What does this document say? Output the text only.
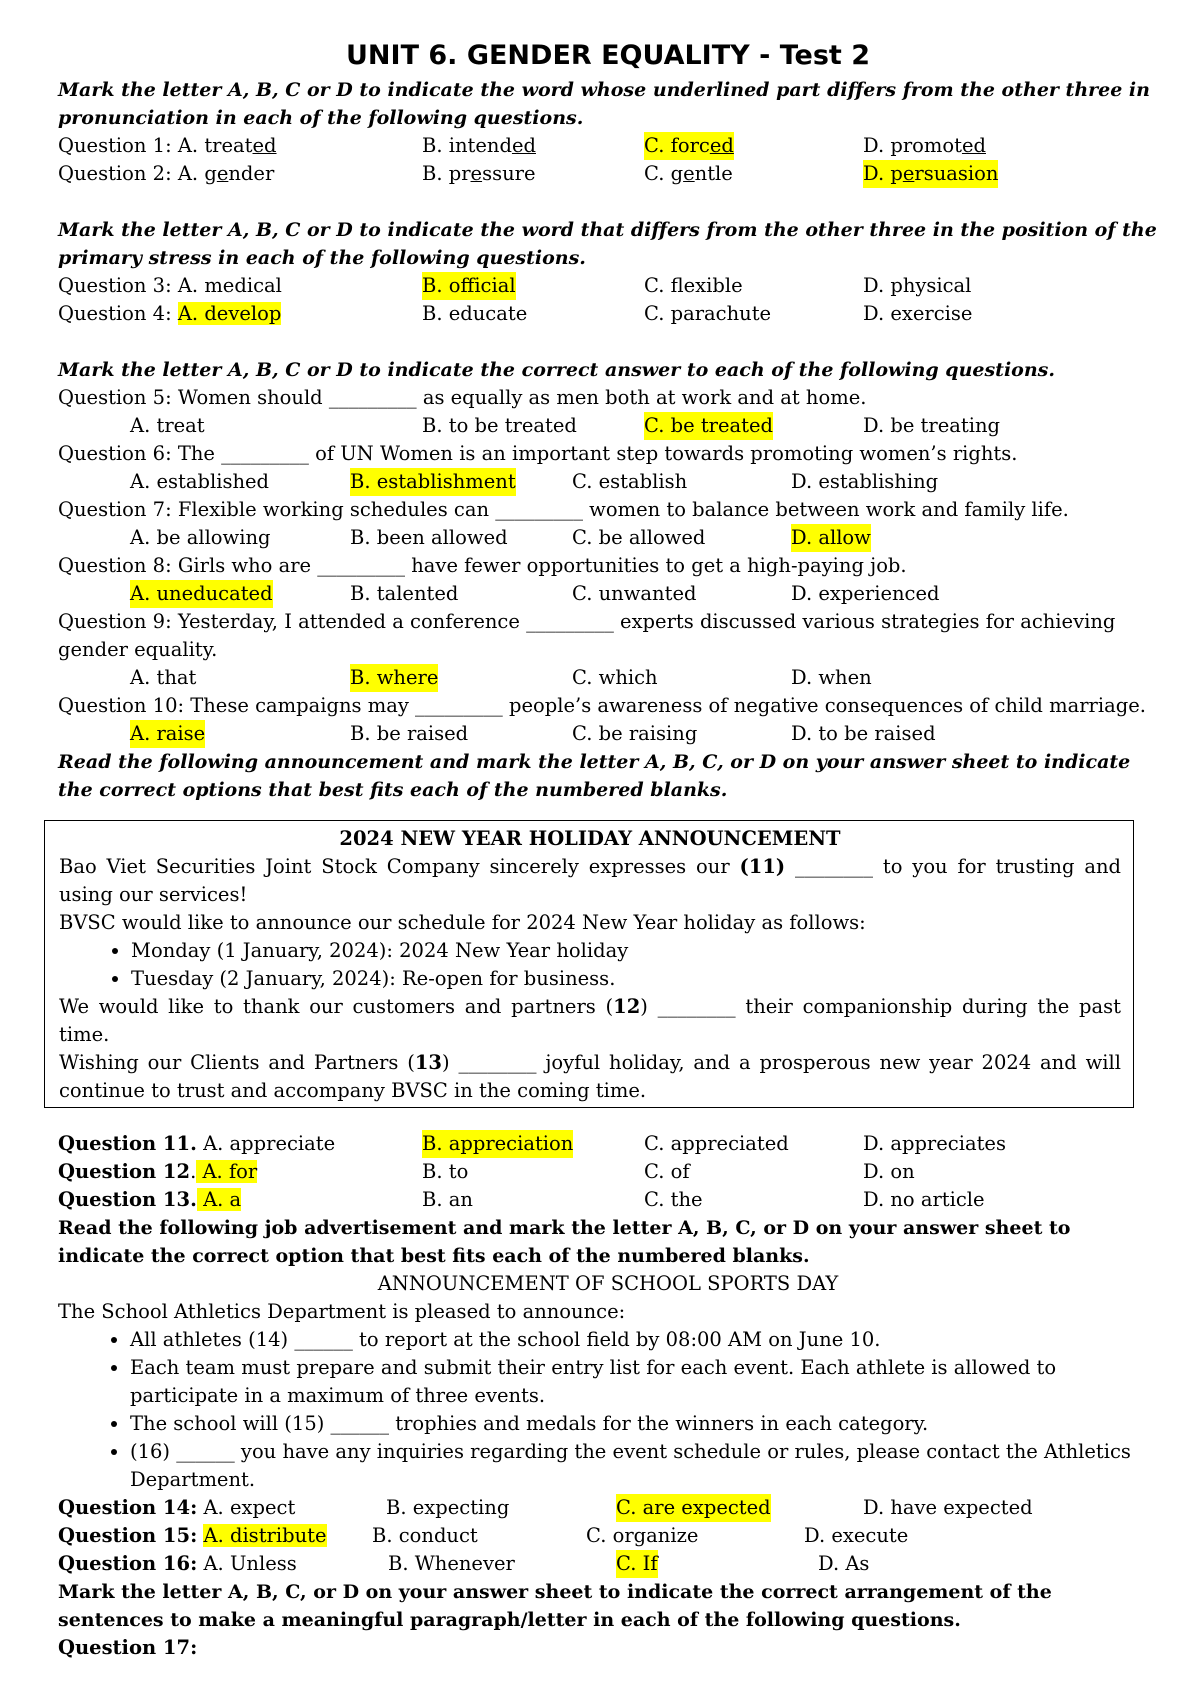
UNIT 6. GENDER EQUALITY - Test 2

Mark the letter A, B, C or D to indicate the word whose underlined part differs from the other three in pronunciation in each of the following questions.

Question 1: A. treated	B. intended	C. forced	D. promoted
Question 2: A. gender	B. pressure	C. gentle	D. persuasion

Mark the letter A, B, C or D to indicate the word that differs from the other three in the position of the primary stress in each of the following questions.

Question 3: A. medical	B. official	C. flexible	D. physical
Question 4: A. develop	B. educate	C. parachute	D. exercise

Mark the letter A, B, C or D to indicate the correct answer to each of the following questions.

Question 5: Women should _________ as equally as men both at work and at home.
A. treat	B. to be treated	C. be treated	D. be treating
Question 6: The _________ of UN Women is an important step towards promoting women’s rights.
A. established	B. establishment	C. establish	D. establishing
Question 7: Flexible working schedules can _________ women to balance between work and family life.
A. be allowing	B. been allowed	C. be allowed	D. allow
Question 8: Girls who are _________ have fewer opportunities to get a high-paying job.
A. uneducated	B. talented	C. unwanted	D. experienced
Question 9: Yesterday, I attended a conference _________ experts discussed various strategies for achieving
gender equality.
A. that	B. where	C. which	D. when
Question 10: These campaigns may _________ people’s awareness of negative consequences of child marriage.
A. raise	B. be raised	C. be raising	D. to be raised

Read the following announcement and mark the letter A, B, C, or D on your answer sheet to indicate the correct options that best fits each of the numbered blanks.

2024 NEW YEAR HOLIDAY ANNOUNCEMENT

Bao Viet Securities Joint Stock Company sincerely expresses our (11) ________ to you for trusting and using our services!

BVSC would like to announce our schedule for 2024 New Year holiday as follows:

• Monday (1 January, 2024): 2024 New Year holiday
• Tuesday (2 January, 2024): Re-open for business.

We would like to thank our customers and partners (12) ________ their companionship during the past time.

Wishing our Clients and Partners (13) ________ joyful holiday, and a prosperous new year 2024 and will continue to trust and accompany BVSC in the coming time.

Question 11. A. appreciate	B. appreciation	C. appreciated	D. appreciates
Question 12. A. for	B. to	C. of	D. on
Question 13. A. a	B. an	C. the	D. no article

Read the following job advertisement and mark the letter A, B, C, or D on your answer sheet to indicate the correct option that best fits each of the numbered blanks.

ANNOUNCEMENT OF SCHOOL SPORTS DAY

The School Athletics Department is pleased to announce:

• All athletes (14) ______ to report at the school field by 08:00 AM on June 10.
• Each team must prepare and submit their entry list for each event. Each athlete is allowed to participate in a maximum of three events.
• The school will (15) ______ trophies and medals for the winners in each category.
• (16) ______ you have any inquiries regarding the event schedule or rules, please contact the Athletics Department.
Question 14: A. expect	B. expecting	C. are expected	D. have expected
Question 15: A. distribute B. conduct	C. organize	D. execute
Question 16: A. Unless	B. Whenever	C. If	D. As

Mark the letter A, B, C, or D on your answer sheet to indicate the correct arrangement of the sentences to make a meaningful paragraph/letter in each of the following questions.

Question 17:
